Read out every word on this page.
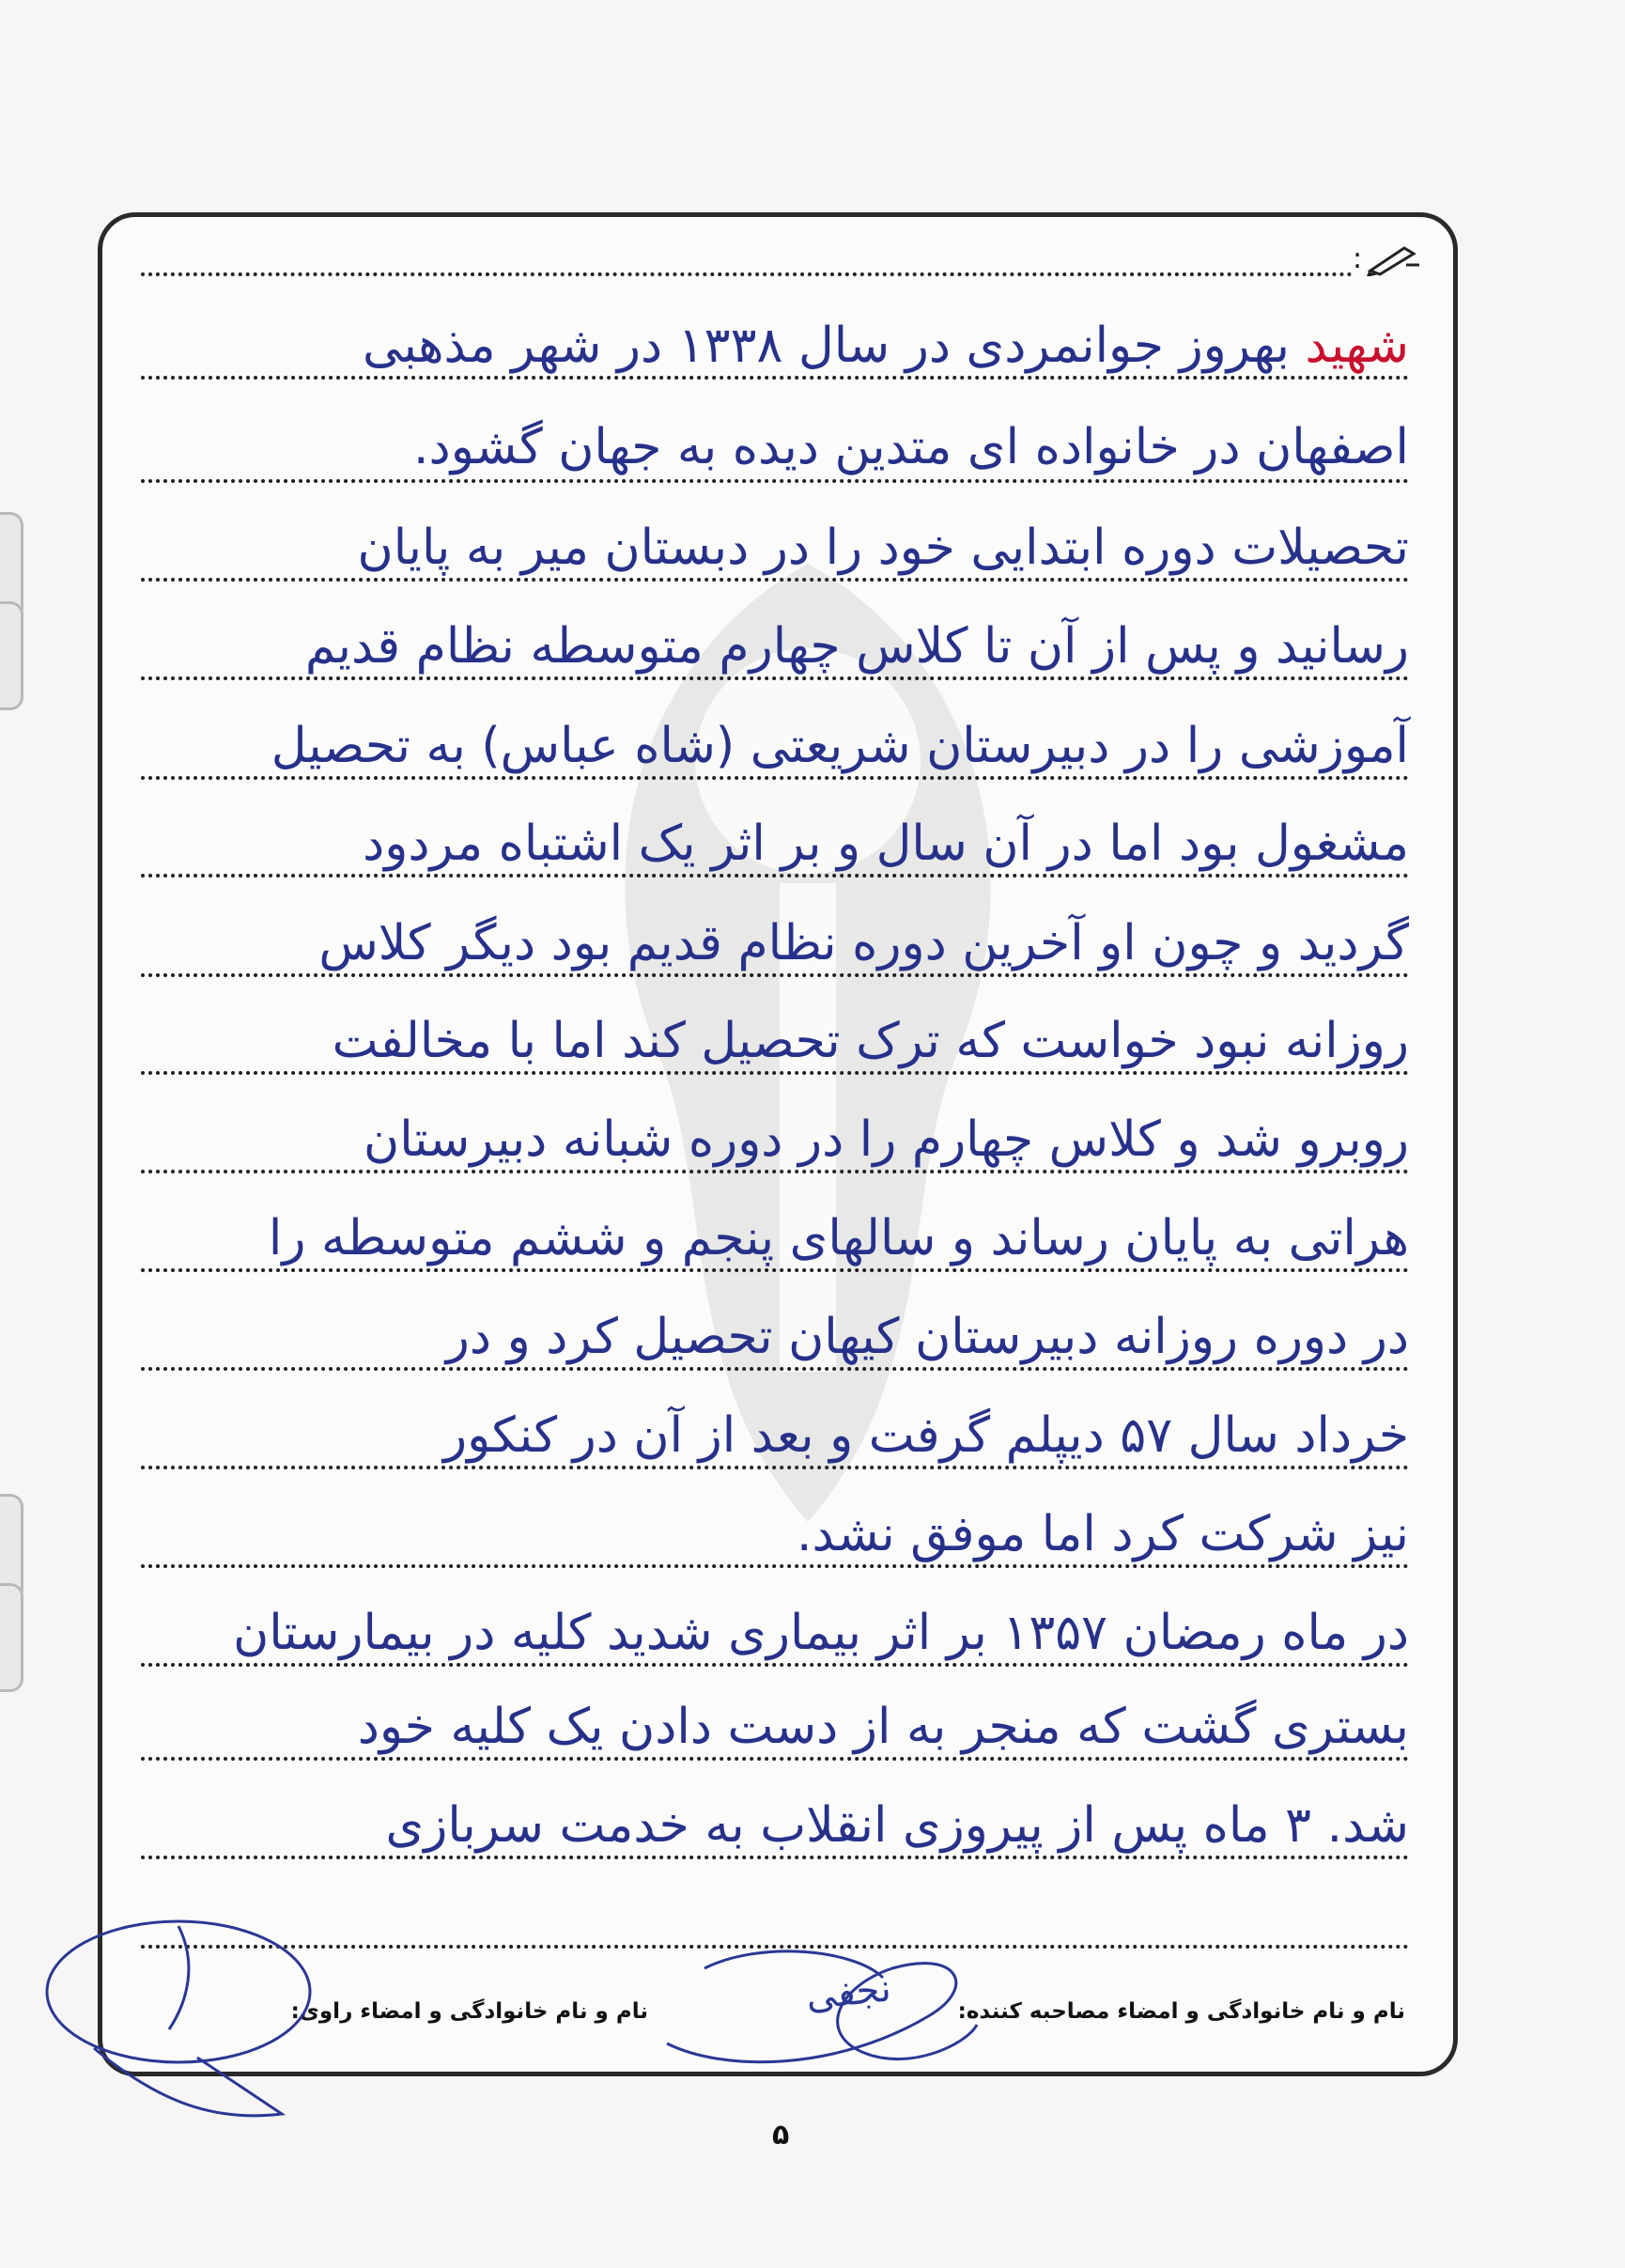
:
شهید بهروز جوانمردی در سال ۱۳۳۸ در شهر مذهبی
اصفهان در خانواده ای متدین دیده به جهان گشود.
تحصیلات دوره ابتدایی خود را در دبستان میر به پایان
رسانید و پس از آن تا کلاس چهارم متوسطه نظام قدیم
آموزشی را در دبیرستان شریعتی (شاه عباس) به تحصیل
مشغول بود اما در آن سال و بر اثر یک اشتباه مردود
گردید و چون او آخرین دوره نظام قدیم بود دیگر کلاس
روزانه نبود خواست که ترک تحصیل کند اما با مخالفت
روبرو شد و کلاس چهارم را در دوره شبانه دبیرستان
هراتی به پایان رساند و سالهای پنجم و ششم متوسطه را
در دوره روزانه دبیرستان کیهان تحصیل کرد و در
خرداد سال ۵۷ دیپلم گرفت و بعد از آن در کنکور
نیز شرکت کرد اما موفق نشد.
در ماه رمضان ۱۳۵۷ بر اثر بیماری شدید کلیه در بیمارستان
بستری گشت که منجر به از دست دادن یک کلیه خود
شد. ۳ ماه پس از پیروزی انقلاب به خدمت سربازی
نام و نام خانوادگی و امضاء مصاحبه کننده:
نام و نام خانوادگی و امضاء راوی:	نجفی
۵
